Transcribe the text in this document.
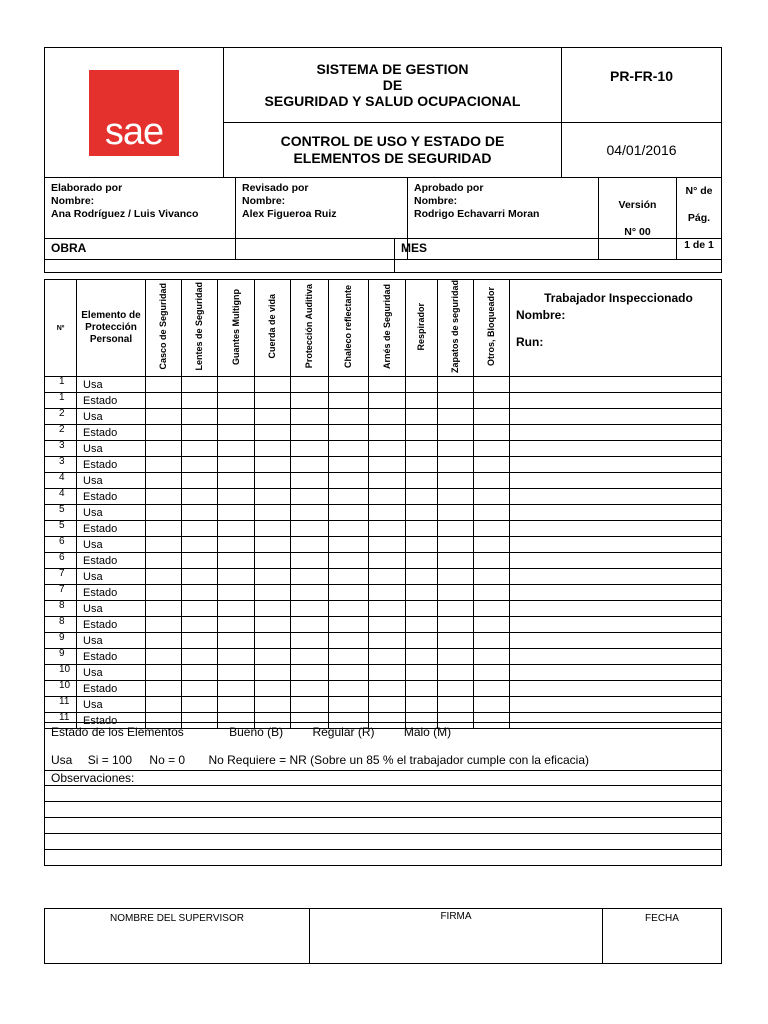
sae	SISTEMA DE GESTION
DE
SEGURIDAD Y SALUD OCUPACIONAL	PR-FR-10

	CONTROL DE USO Y ESTADO DE
ELEMENTOS DE SEGURIDAD	04/01/2016
Elaborado por
Nombre:
Ana Rodríguez / Luis Vivanco

Revisado por
Nombre:
Alex Figueroa Ruiz

Aprobado por
Nombre:
Rodrigo Echavarri Moran

Versión
N° 00

N° de Pág.
1 de 1
OBRA	MES
Nº	Elemento de Protección Personal	Casco de Seguridad	Lentes de Seguridad	Guantes Multignp	Cuerda de vida	Protección Auditiva	Chaleco reflectante	Arnés de Seguridad	Respirador	Zapatos de seguridad	Otros, Bloqueador	Trabajador Inspeccionado
Nombre:
Run:

1	Usa											
1	Estado											
2	Usa											
2	Estado											
3	Usa											
3	Estado											
4	Usa											
4	Estado											
5	Usa											
5	Estado											
6	Usa											
6	Estado											
7	Usa											
7	Estado											
8	Usa											
8	Estado											
9	Usa											
9	Estado											
10	Usa											
10	Estado											
11	Usa											
11	Estado											
Estado de los Elementos	Bueno (B) Regular (R) Malo (M)
Usa Si = 100 No = 0 No Requiere = NR (Sobre un 85 % el trabajador cumple con la eficacia)

Observaciones:

NOMBRE DEL SUPERVISOR	FIRMA	FECHA
